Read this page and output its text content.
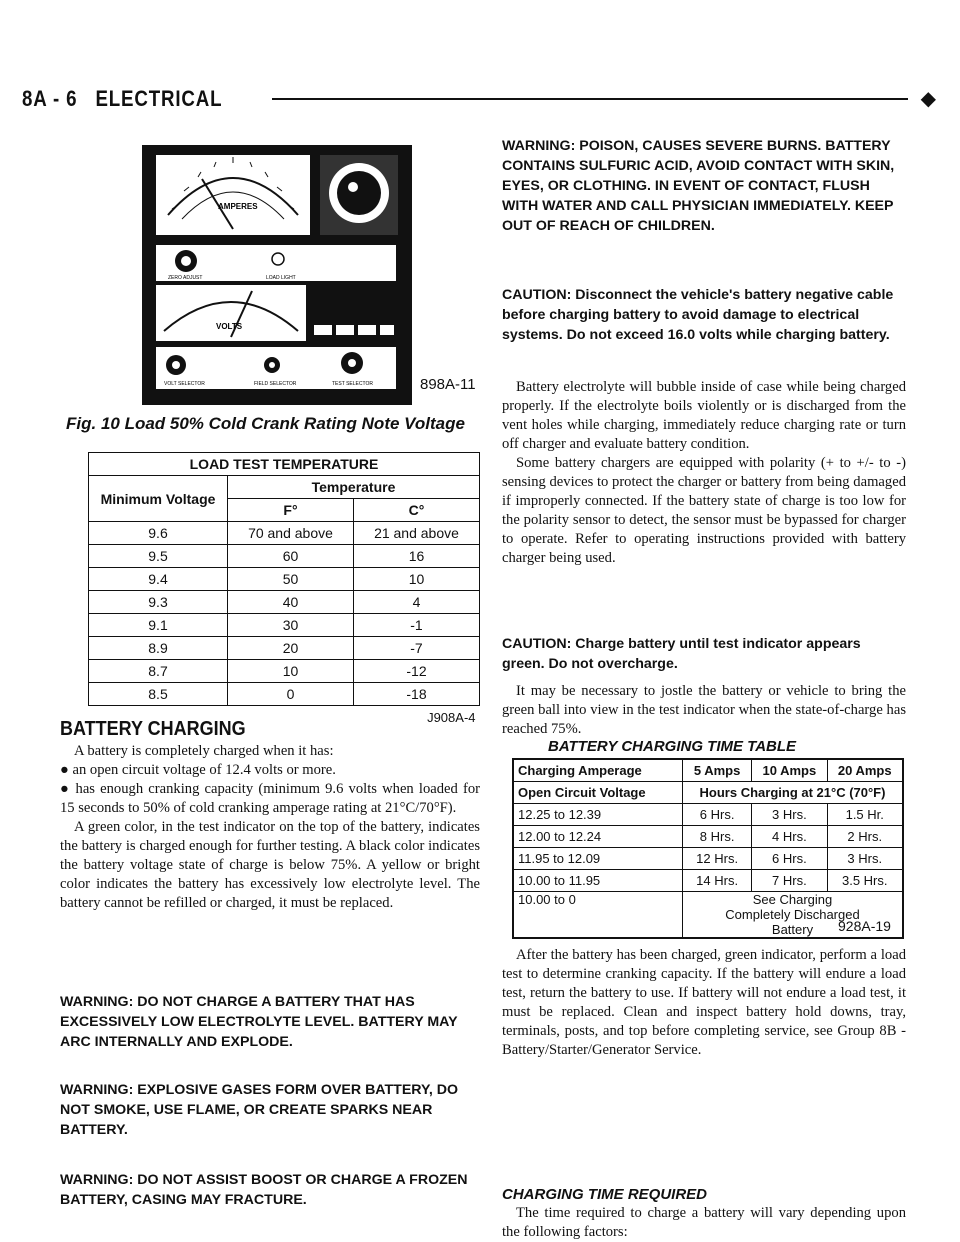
8A - 6   ELECTRICAL	◆
AMPERES
ZERO ADJUST	LOAD LIGHT
VOLTS
VOLT SELECTOR	FIELD SELECTOR	TEST SELECTOR	898A-11
Fig. 10 Load 50% Cold Crank Rating Note Voltage
LOAD TEST TEMPERATURE		
Minimum Voltage	Temperature	
	F°	C°
9.6	70 and above	21 and above
9.5	60	16
9.4	50	10
9.3	40	4
9.1	30	-1
8.9	20	-7
8.7	10	-12
8.5	0	-18
J908A-4		
BATTERY CHARGING

A battery is completely charged when it has:

● an open circuit voltage of 12.4 volts or more.

● has enough cranking capacity (minimum 9.6 volts when loaded for 15 seconds to 50% of cold cranking amperage rating at 21°C/70°F).

A green color, in the test indicator on the top of the battery, indicates the battery is charged enough for further testing. A black color indicates the battery voltage state of charge is below 75%. A yellow or bright color indicates the battery has excessively low electrolyte level. The battery cannot be refilled or charged, it must be replaced.

WARNING: DO NOT CHARGE A BATTERY THAT HAS EXCESSIVELY LOW ELECTROLYTE LEVEL. BATTERY MAY ARC INTERNALLY AND EXPLODE.
WARNING: EXPLOSIVE GASES FORM OVER BATTERY, DO NOT SMOKE, USE FLAME, OR CREATE SPARKS NEAR BATTERY.
WARNING: DO NOT ASSIST BOOST OR CHARGE A FROZEN BATTERY, CASING MAY FRACTURE.
WARNING: POISON, CAUSES SEVERE BURNS. BATTERY CONTAINS SULFURIC ACID, AVOID CONTACT WITH SKIN, EYES, OR CLOTHING. IN EVENT OF CONTACT, FLUSH WITH WATER AND CALL PHYSICIAN IMMEDIATELY. KEEP OUT OF REACH OF CHILDREN.
CAUTION: Disconnect the vehicle's battery negative cable before charging battery to avoid damage to electrical systems. Do not exceed 16.0 volts while charging battery.

Battery electrolyte will bubble inside of case while being charged properly. If the electrolyte boils violently or is discharged from the vent holes while charging, immediately reduce charging rate or turn off charger and evaluate battery condition.

Some battery chargers are equipped with polarity (+ to +/- to -) sensing devices to protect the charger or battery from being damaged if improperly connected. If the battery state of charge is too low for the polarity sensor to detect, the sensor must be bypassed for charger to operate. Refer to operating instructions provided with battery charger being used.

CAUTION: Charge battery until test indicator appears green. Do not overcharge.

It may be necessary to jostle the battery or vehicle to bring the green ball into view in the test indicator when the state-of-charge has reached 75%.

BATTERY CHARGING TIME TABLE
Charging Amperage	5 Amps	10 Amps	20 Amps
Open Circuit Voltage	Hours Charging at 21°C (70°F)		
12.25 to 12.39	6 Hrs.	3 Hrs.	1.5 Hr.
12.00 to 12.24	8 Hrs.	4 Hrs.	2 Hrs.
11.95 to 12.09	12 Hrs.	6 Hrs.	3 Hrs.
10.00 to 11.95	14 Hrs.	7 Hrs.	3.5 Hrs.
10.00 to 0	See Charging Completely Discharged Battery		928A-19

After the battery has been charged, green indicator, perform a load test to determine cranking capacity. If the battery will endure a load test, return the battery to use. If battery will not endure a load test, it must be replaced. Clean and inspect battery hold downs, tray, terminals, posts, and top before completing service, see Group 8B - Battery/Starter/Generator Service.

CHARGING TIME REQUIRED

The time required to charge a battery will vary depending upon the following factors:
